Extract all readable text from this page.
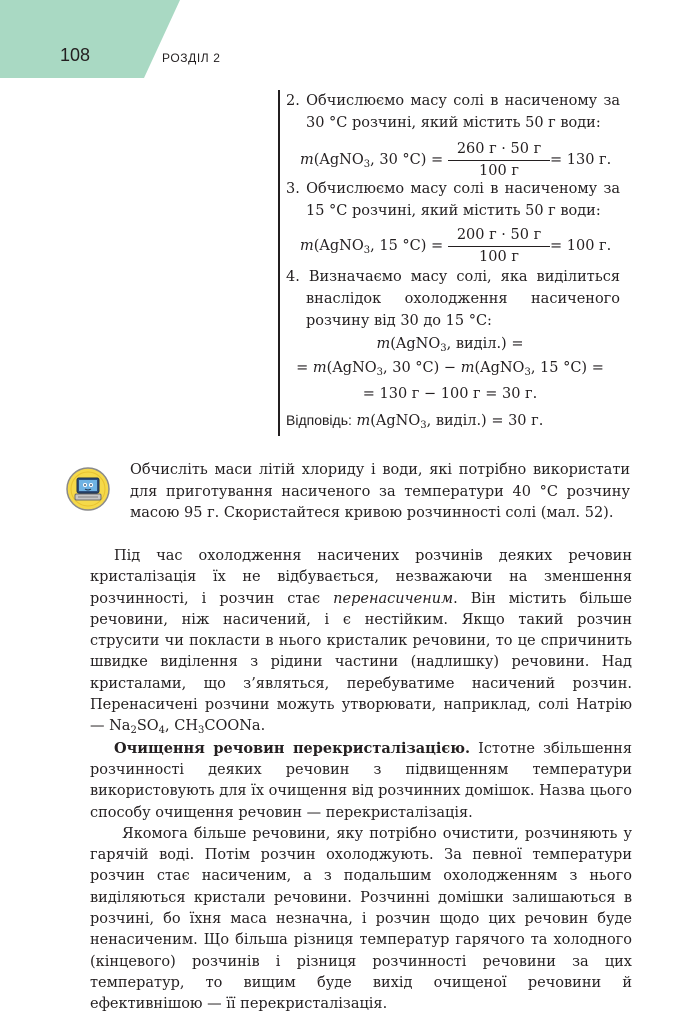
108	РОЗДІЛ 2

2. Обчислюємо масу солі в насиченому за 30 °C розчині, який містить 50 г води:

m(AgNO$_3$, 30 °C) =
260 г · 50 г
100 г
= 130 г.

3. Обчислюємо масу солі в насиченому за 15 °C розчині, який містить 50 г води:

m(AgNO$_3$, 15 °C) =
200 г · 50 г
100 г
= 100 г.

4. Визначаємо масу солі, яка виділиться внаслідок охолодження насиченого розчину від 30 до 15 °C:

m(AgNO$_3$, виділ.) =
= m(AgNO$_3$, 30 °C) − m(AgNO$_3$, 15 °C) =
= 130 г − 100 г = 30 г.
Відповідь: m(AgNO$_3$, виділ.) = 30 г.

Обчисліть маси літій хлориду і води, які потрібно використати для приготування насиченого за температури 40 °C розчину масою 95 г. Скористайтеся кривою розчинності солі (мал. 52).

Під час охолодження насичених розчинів деяких речовин кристалізація їх не відбувається, незважаючи на зменшення розчинності, і розчин стає перенасиченим. Він містить більше речовини, ніж насичений, і є нестійким. Якщо такий розчин струсити чи покласти в нього кристалик речовини, то це спричинить швидке виділення з рідини частини (надлишку) речовини. Над кристалами, що з’являться, перебуватиме насичений розчин. Перенасичені розчини можуть утворювати, наприклад, солі Натрію — $Na_2SO_4$, $CH_3COONa$.

Очищення речовин перекристалізацією. Істотне збільшення розчинності деяких речовин з підвищенням температури використовують для їх очищення від розчинних домішок. Назва цього способу очищення речовин — перекристалізація.

Якомога більше речовини, яку потрібно очистити, розчиняють у гарячій воді. Потім розчин охолоджують. За певної температури розчин стає насиченим, а з подальшим охолодженням з нього виділяються кристали речовини. Розчинні домішки залишаються в розчині, бо їхня маса незначна, і розчин щодо цих речовин буде ненасиченим. Що більша різниця температур гарячого та холодного (кінцевого) розчинів і різниця розчинності речовини за цих температур, то вищим буде вихід очищеної речовини й ефективнішою — її перекристалізація.
